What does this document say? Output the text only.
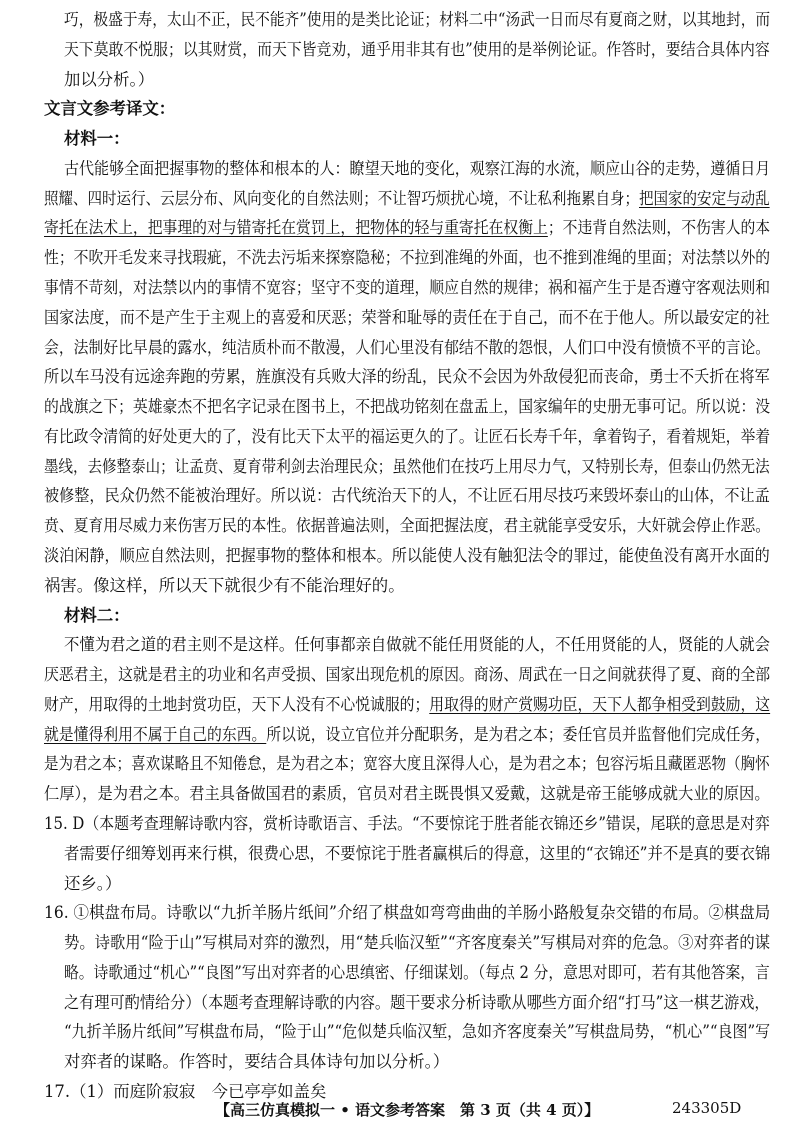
巧，极盛于寿，太山不正，民不能齐”使用的是类比论证；材料二中“汤武一日而尽有夏商之财，以其地封，而
天下莫敢不悦服；以其财赏，而天下皆竞劝，通乎用非其有也”使用的是举例论证。作答时，要结合具体内容
加以分析。）
文言文参考译文：
材料一：
古代能够全面把握事物的整体和根本的人：瞭望天地的变化，观察江海的水流，顺应山谷的走势，遵循日月
照耀、四时运行、云层分布、风向变化的自然法则；不让智巧烦扰心境，不让私利拖累自身；把国家的安定与动乱
寄托在法术上，把事理的对与错寄托在赏罚上，把物体的轻与重寄托在权衡上；不违背自然法则，不伤害人的本
性；不吹开毛发来寻找瑕疵，不洗去污垢来探察隐秘；不拉到准绳的外面，也不推到准绳的里面；对法禁以外的
事情不苛刻，对法禁以内的事情不宽容；坚守不变的道理，顺应自然的规律；祸和福产生于是否遵守客观法则和
国家法度，而不是产生于主观上的喜爱和厌恶；荣誉和耻辱的责任在于自己，而不在于他人。所以最安定的社
会，法制好比早晨的露水，纯洁质朴而不散漫，人们心里没有郁结不散的怨恨，人们口中没有愤愤不平的言论。
所以车马没有远途奔跑的劳累，旌旗没有兵败大泽的纷乱，民众不会因为外敌侵犯而丧命，勇士不夭折在将军
的战旗之下；英雄豪杰不把名字记录在图书上，不把战功铭刻在盘盂上，国家编年的史册无事可记。所以说：没
有比政令清简的好处更大的了，没有比天下太平的福运更久的了。让匠石长寿千年，拿着钩子，看着规矩，举着
墨线，去修整泰山；让孟贲、夏育带利剑去治理民众；虽然他们在技巧上用尽力气，又特别长寿，但泰山仍然无法
被修整，民众仍然不能被治理好。所以说：古代统治天下的人，不让匠石用尽技巧来毁坏泰山的山体，不让孟
贲、夏育用尽威力来伤害万民的本性。依据普遍法则，全面把握法度，君主就能享受安乐，大奸就会停止作恶。
淡泊闲静，顺应自然法则，把握事物的整体和根本。所以能使人没有触犯法令的罪过，能使鱼没有离开水面的
祸害。像这样，所以天下就很少有不能治理好的。
材料二：
不懂为君之道的君主则不是这样。任何事都亲自做就不能任用贤能的人，不任用贤能的人，贤能的人就会
厌恶君主，这就是君主的功业和名声受损、国家出现危机的原因。商汤、周武在一日之间就获得了夏、商的全部
财产，用取得的土地封赏功臣，天下人没有不心悦诚服的；用取得的财产赏赐功臣，天下人都争相受到鼓励，这
就是懂得利用不属于自己的东西。所以说，设立官位并分配职务，是为君之本；委任官员并监督他们完成任务，
是为君之本；喜欢谋略且不知倦怠，是为君之本；宽容大度且深得人心，是为君之本；包容污垢且藏匿恶物（胸怀
仁厚），是为君之本。君主具备做国君的素质，官员对君主既畏惧又爱戴，这就是帝王能够成就大业的原因。
15. D（本题考查理解诗歌内容，赏析诗歌语言、手法。“不要惊诧于胜者能衣锦还乡”错误，尾联的意思是对弈
者需要仔细筹划再来行棋，很费心思，不要惊诧于胜者赢棋后的得意，这里的“衣锦还”并不是真的要衣锦
还乡。）
16. ①棋盘布局。诗歌以“九折羊肠片纸间”介绍了棋盘如弯弯曲曲的羊肠小路般复杂交错的布局。②棋盘局
势。诗歌用“险于山”写棋局对弈的激烈，用“楚兵临汉堑”“齐客度秦关”写棋局对弈的危急。③对弈者的谋
略。诗歌通过“机心”“良图”写出对弈者的心思缜密、仔细谋划。（每点 2 分，意思对即可，若有其他答案，言
之有理可酌情给分）（本题考查理解诗歌的内容。题干要求分析诗歌从哪些方面介绍“打马”这一棋艺游戏，
“九折羊肠片纸间”写棋盘布局，“险于山”“危似楚兵临汉堑，急如齐客度秦关”写棋盘局势，“机心”“良图”写
对弈者的谋略。作答时，要结合具体诗句加以分析。）
17.（1）而庭阶寂寂　今已亭亭如盖矣
【高三仿真模拟一 • 语文参考答案　第 3 页（共 4 页）】	243305D
